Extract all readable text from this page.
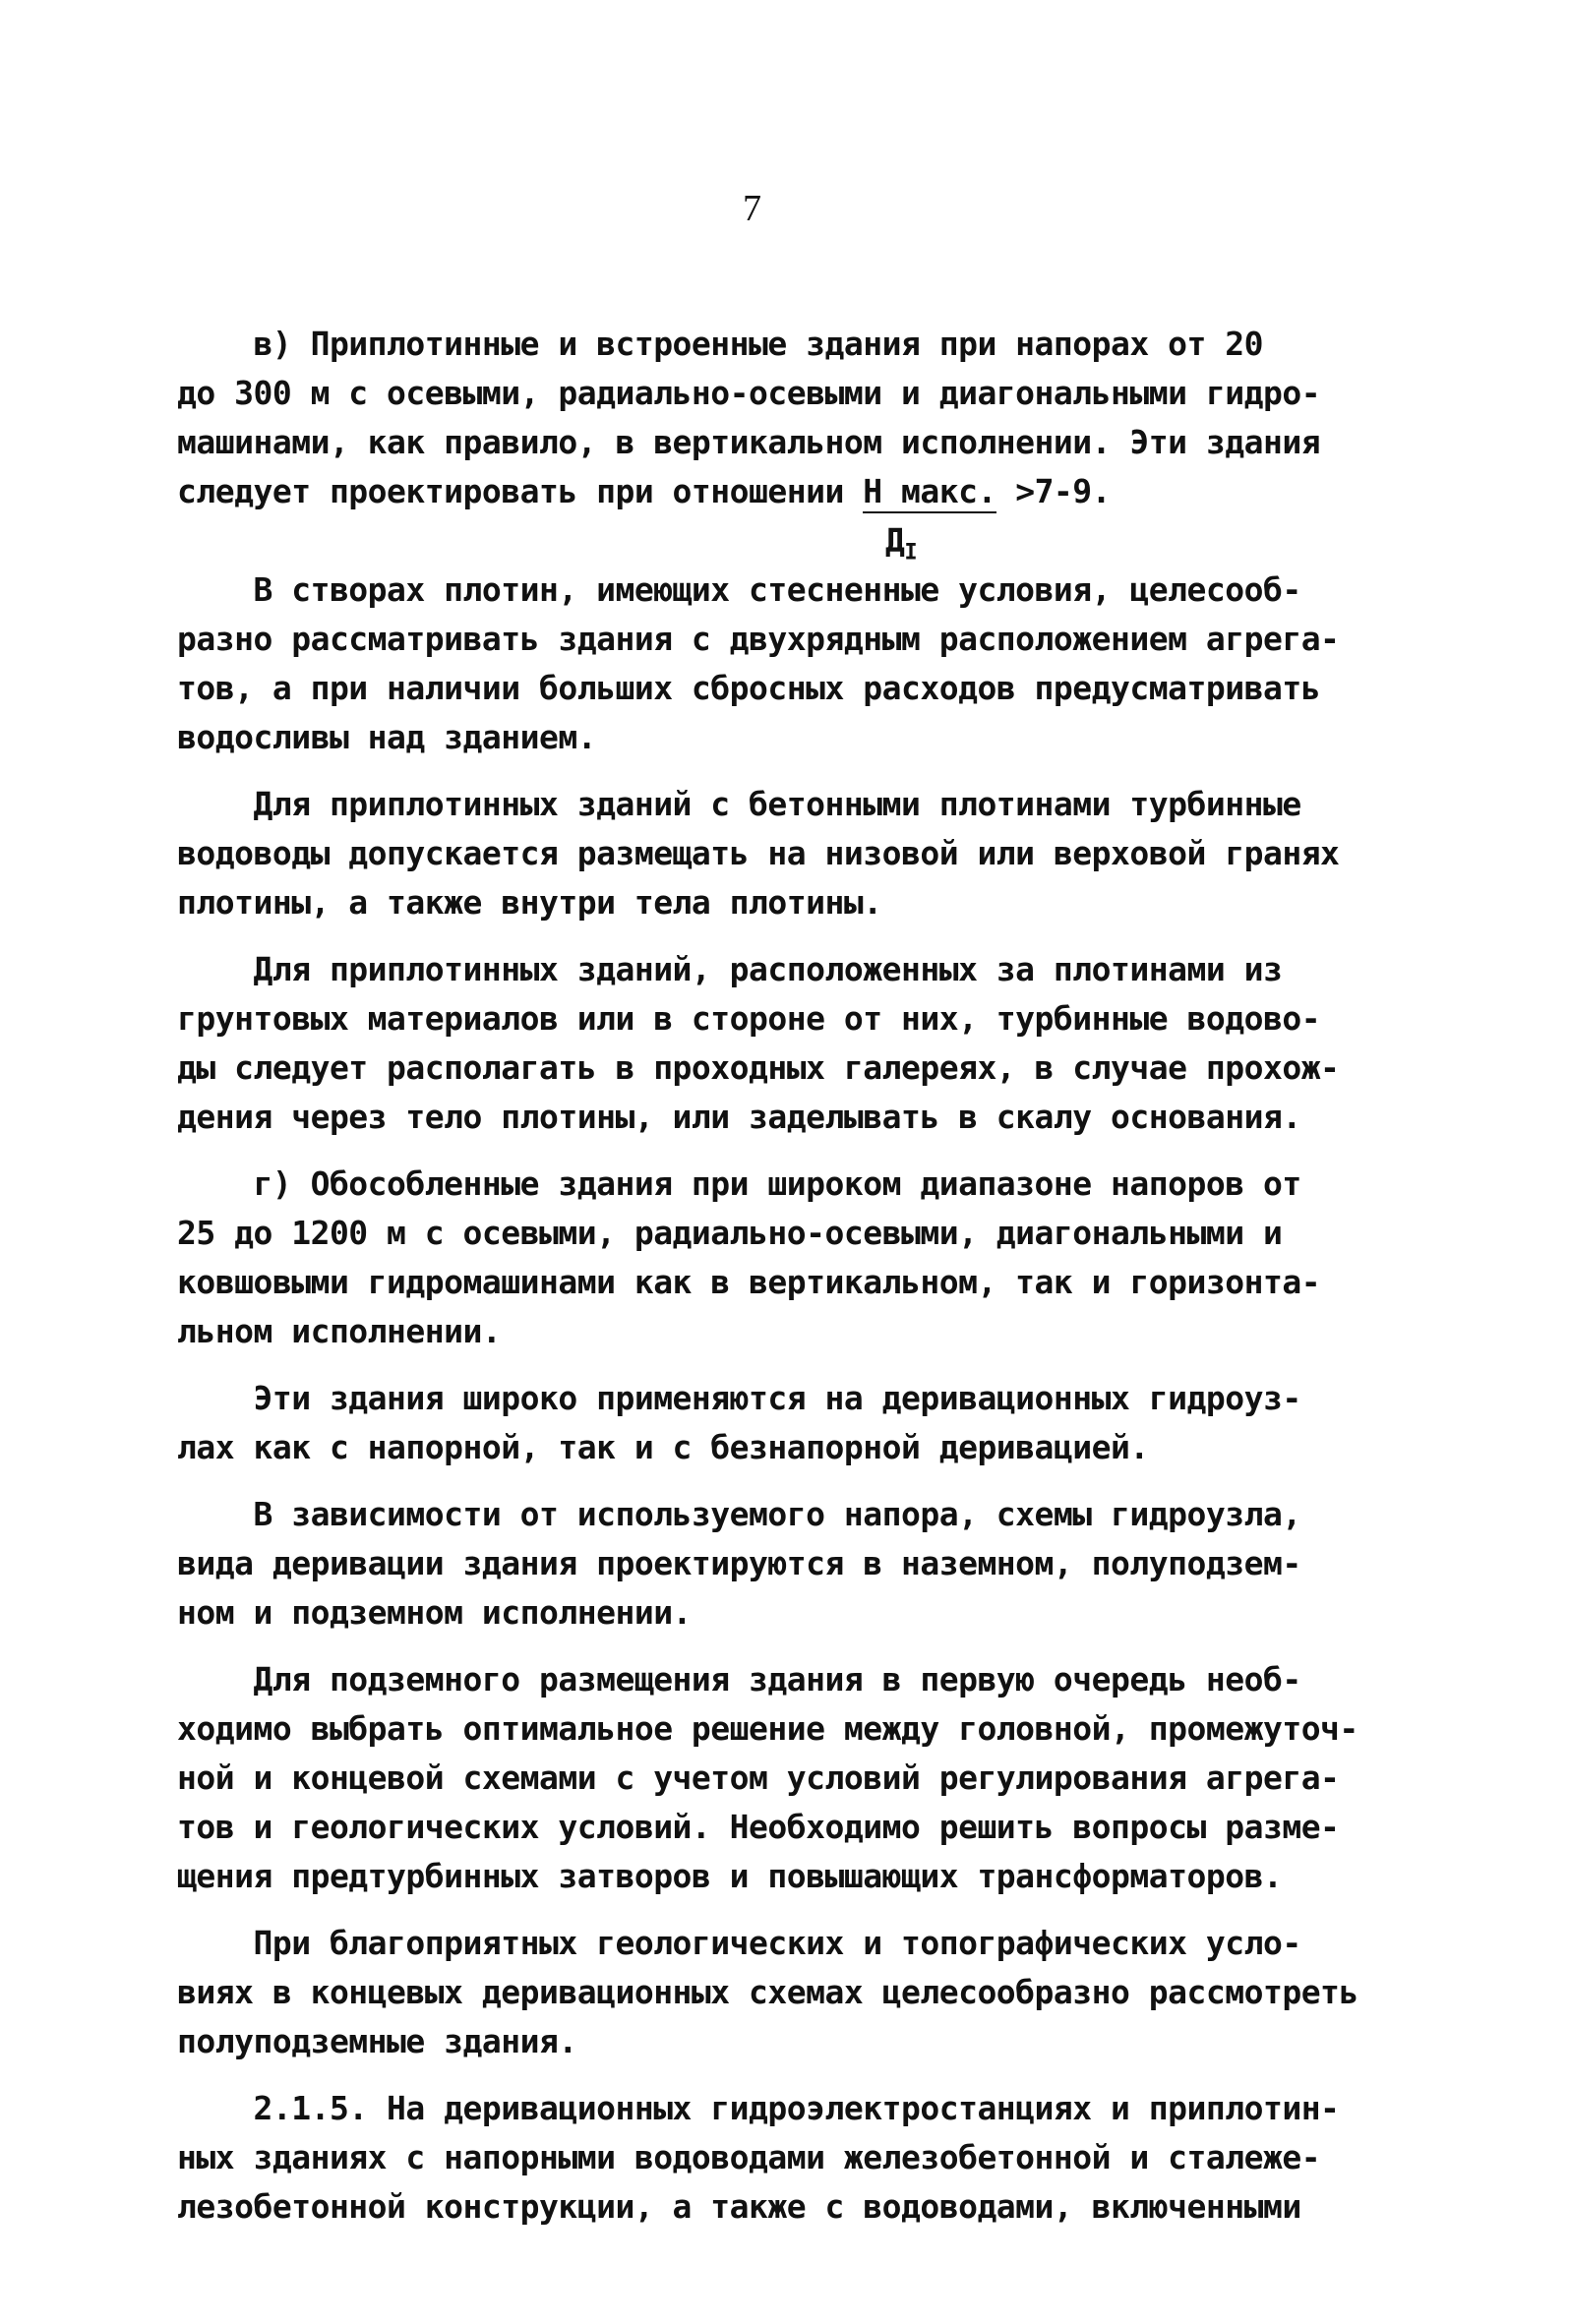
7
в) Приплотинные и встроенные здания при напорах от 20
до 300 м с осевыми, радиально-осевыми и диагональными гидро-
машинами, как правило, в вертикальном исполнении. Эти здания
следует проектировать при отношении H макс. >7-9.
$Д_I$
В створах плотин, имеющих стесненные условия, целесооб-
разно рассматривать здания с двухрядным расположением агрега-
тов, а при наличии больших сбросных расходов предусматривать
водосливы над зданием.
Для приплотинных зданий с бетонными плотинами турбинные
водоводы допускается размещать на низовой или верховой гранях
плотины, а также внутри тела плотины.
Для приплотинных зданий, расположенных за плотинами из
грунтовых материалов или в стороне от них, турбинные водово-
ды следует располагать в проходных галереях, в случае прохож-
дения через тело плотины, или заделывать в скалу основания.
г) Обособленные здания при широком диапазоне напоров от
25 до 1200 м с осевыми, радиально-осевыми, диагональными и
ковшовыми гидромашинами как в вертикальном, так и горизонта-
льном исполнении.
Эти здания широко применяются на деривационных гидроуз-
лах как с напорной, так и с безнапорной деривацией.
В зависимости от используемого напора, схемы гидроузла,
вида деривации здания проектируются в наземном, полуподзем-
ном и подземном исполнении.
Для подземного размещения здания в первую очередь необ-
ходимо выбрать оптимальное решение между головной, промежуточ-
ной и концевой схемами с учетом условий регулирования агрега-
тов и геологических условий. Необходимо решить вопросы разме-
щения предтурбинных затворов и повышающих трансформаторов.
При благоприятных геологических и топографических усло-
виях в концевых деривационных схемах целесообразно рассмотреть
полуподземные здания.
2.1.5. На деривационных гидроэлектростанциях и приплотин-
ных зданиях с напорными водоводами железобетонной и сталеже-
лезобетонной конструкции, а также с водоводами, включенными
